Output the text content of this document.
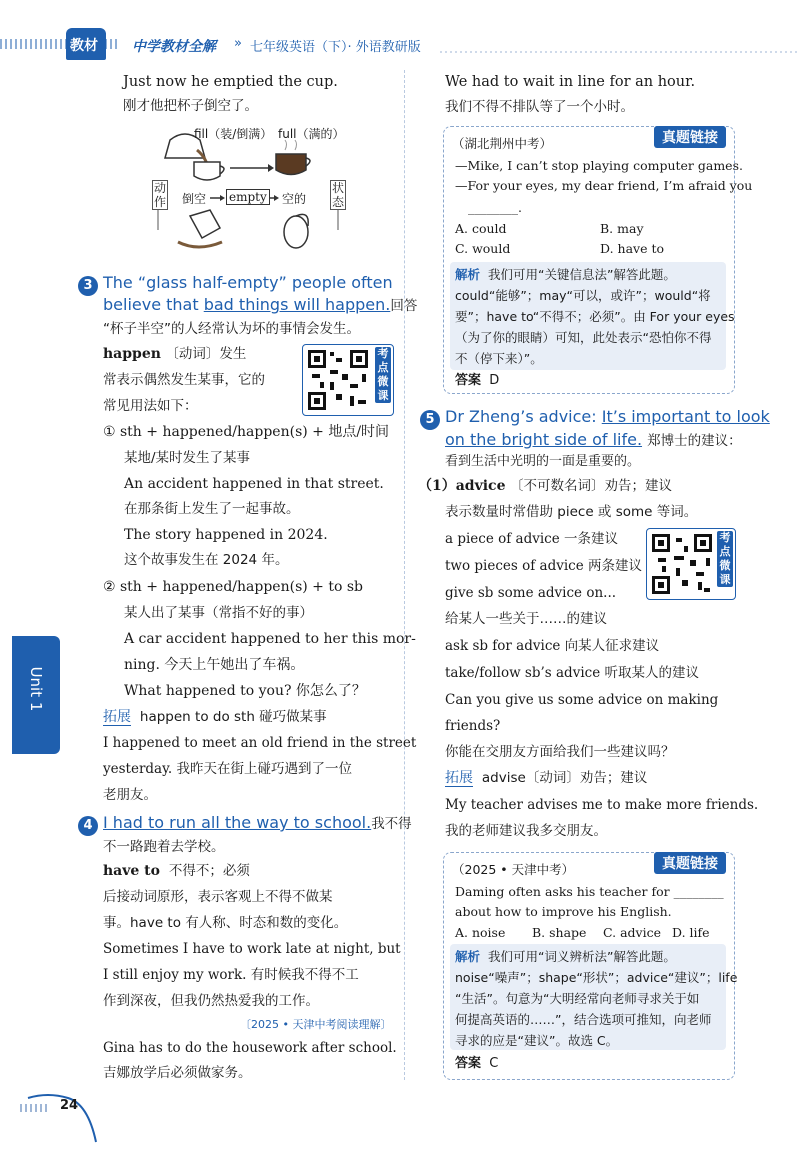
教材 中学教材全解 » 七年级英语（下）· 外语教研版
Just now he emptied the cup.
刚才他把杯子倒空了。
fill（装/倒满） full（满的）
动作
状态
倒空 empty 空的
3 The “glass half-empty” people often
believe that bad things will happen.回答
“杯子半空”的人经常认为坏的事情会发生。
happen 〔动词〕发生
常表示偶然发生某事，它的
常见用法如下：
考点微课
① sth + happened/happen(s) + 地点/时间
某地/某时发生了某事
An accident happened in that street.
在那条街上发生了一起事故。
The story happened in 2024.
这个故事发生在 2024 年。
② sth + happened/happen(s) + to sb
某人出了某事（常指不好的事）
A car accident happened to her this mor-
ning. 今天上午她出了车祸。
What happened to you? 你怎么了？
拓展 happen to do sth 碰巧做某事
I happened to meet an old friend in the street
yesterday. 我昨天在街上碰巧遇到了一位
老朋友。
4 I had to run all the way to school.我不得
不一路跑着去学校。
have to 不得不；必须
后接动词原形，表示客观上不得不做某
事。have to 有人称、时态和数的变化。
Sometimes I have to work late at night, but
I still enjoy my work. 有时候我不得不工
作到深夜，但我仍然热爱我的工作。
〔2025 • 天津中考阅读理解〕
Gina has to do the housework after school.
吉娜放学后必须做家务。
Unit 1
24
We had to wait in line for an hour.
我们不得不排队等了一个小时。
真题链接
（湖北荆州中考）
—Mike, I can’t stop playing computer games.
—For your eyes, my dear friend, I’m afraid you
________.
A. could	B. may
C. would	D. have to
解析 我们可用“关键信息法”解答此题。
could“能够”；may“可以，或许”；would“将
要”；have to“不得不；必须”。由 For your eyes
（为了你的眼睛）可知，此处表示“恐怕你不得
不（停下来）”。
答案 D
5 Dr Zheng’s advice: It’s important to look
on the bright side of life. 郑博士的建议：
看到生活中光明的一面是重要的。
（1）advice 〔不可数名词〕劝告；建议
表示数量时常借助 piece 或 some 等词。
a piece of advice 一条建议
two pieces of advice 两条建议
give sb some advice on...
给某人一些关于……的建议
ask sb for advice 向某人征求建议
take/follow sb’s advice 听取某人的建议
Can you give us some advice on making
friends?
你能在交朋友方面给我们一些建议吗？
拓展 advise〔动词〕劝告；建议
My teacher advises me to make more friends.
我的老师建议我多交朋友。
考点微课
真题链接
（2025 • 天津中考）
Daming often asks his teacher for ________
about how to improve his English.
A. noise B. shape C. advice D. life
解析 我们可用“词义辨析法”解答此题。
noise“噪声”；shape“形状”；advice“建议”；life
“生活”。句意为“大明经常向老师寻求关于如
何提高英语的……”，结合选项可推知，向老师
寻求的应是“建议”。故选 C。
答案 C
